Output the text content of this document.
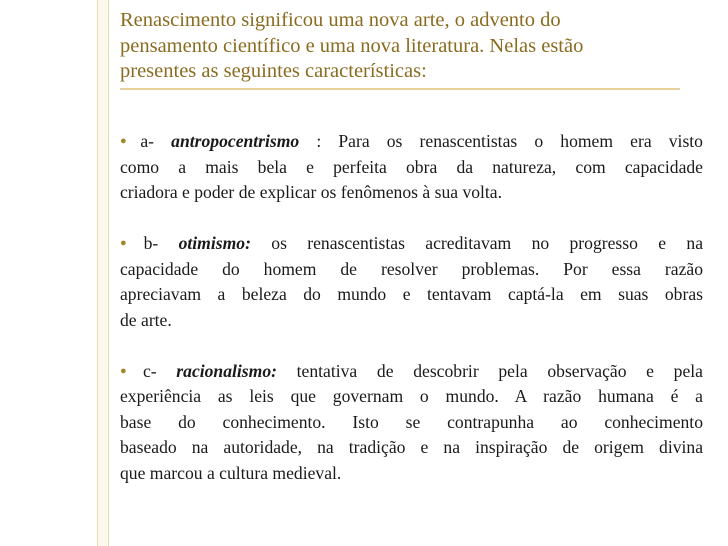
Renascimento significou uma nova arte, o advento do
pensamento científico e uma nova literatura. Nelas estão
presentes as seguintes características:
●a- antropocentrismo : Para os renascentistas o homem era visto
como a mais bela e perfeita obra da natureza, com capacidade
criadora e poder de explicar os fenômenos à sua volta.
●b- otimismo: os renascentistas acreditavam no progresso e na
capacidade do homem de resolver problemas. Por essa razão
apreciavam a beleza do mundo e tentavam captá-la em suas obras
de arte.
●c- racionalismo: tentativa de descobrir pela observação e pela
experiência as leis que governam o mundo. A razão humana é a
base do conhecimento. Isto se contrapunha ao conhecimento
baseado na autoridade, na tradição e na inspiração de origem divina
que marcou a cultura medieval.
